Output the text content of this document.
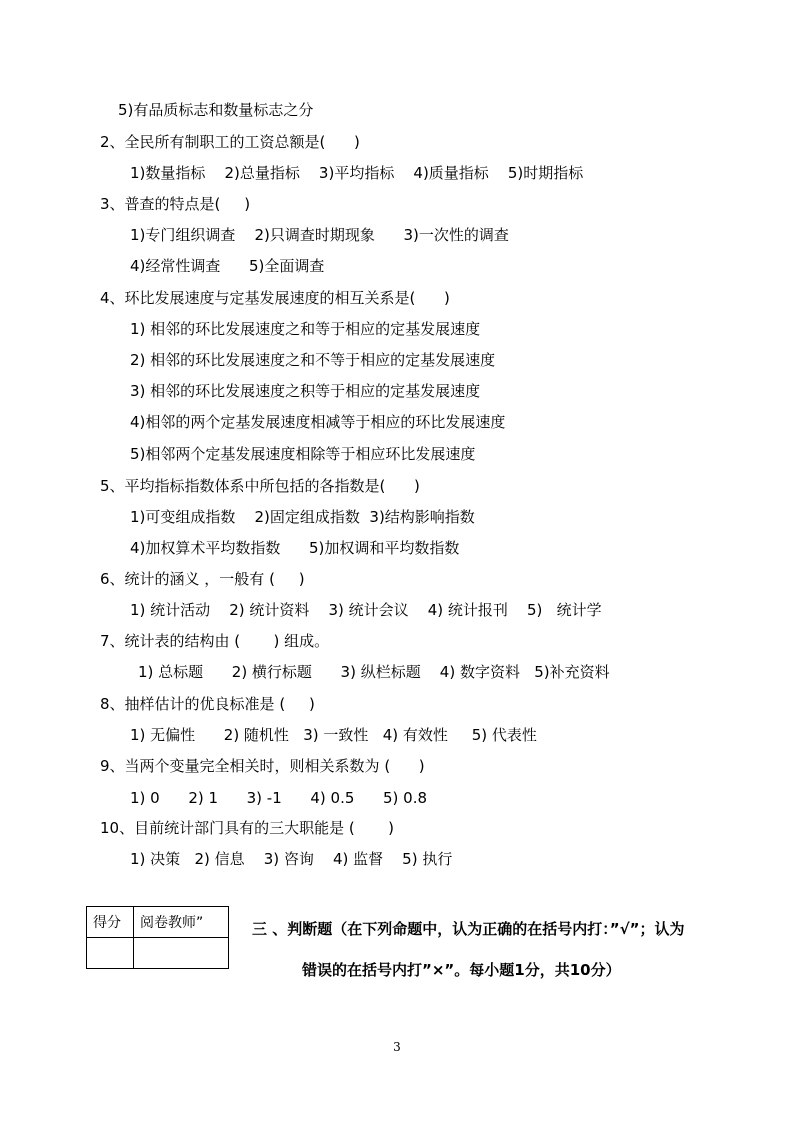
5)有品质标志和数量标志之分
2、全民所有制职工的工资总额是(      )
1)数量指标    2)总量指标    3)平均指标    4)质量指标    5)时期指标
3、普查的特点是(     )
1)专门组织调查    2)只调查时期现象      3)一次性的调查
4)经常性调查      5)全面调查
4、环比发展速度与定基发展速度的相互关系是(      )
1) 相邻的环比发展速度之和等于相应的定基发展速度
2) 相邻的环比发展速度之和不等于相应的定基发展速度
3) 相邻的环比发展速度之积等于相应的定基发展速度
4)相邻的两个定基发展速度相减等于相应的环比发展速度
5)相邻两个定基发展速度相除等于相应环比发展速度
5、平均指标指数体系中所包括的各指数是(      )
1)可变组成指数    2)固定组成指数  3)结构影响指数
4)加权算术平均数指数      5)加权调和平均数指数
6、统计的涵义 ，一般有 (     )
1) 统计活动    2) 统计资料    3) 统计会议    4) 统计报刊    5)   统计学
7、统计表的结构由 (       ) 组成。
1) 总标题      2) 横行标题      3) 纵栏标题    4) 数字资料   5)补充资料
8、抽样估计的优良标准是 (     )
1) 无偏性      2) 随机性   3) 一致性   4) 有效性     5) 代表性
9、当两个变量完全相关时，则相关系数为 (      )
1) 0      2) 1      3) -1      4) 0.5      5) 0.8
10、目前统计部门具有的三大职能是 (       )
1) 决策   2) 信息    3) 咨询    4) 监督    5) 执行
得分	阅卷教师”
		三 、判断题（在下列命题中，认为正确的在括号内打：”√”；认为
错误的在括号内打”×”。每小题1分，共10分）
3
